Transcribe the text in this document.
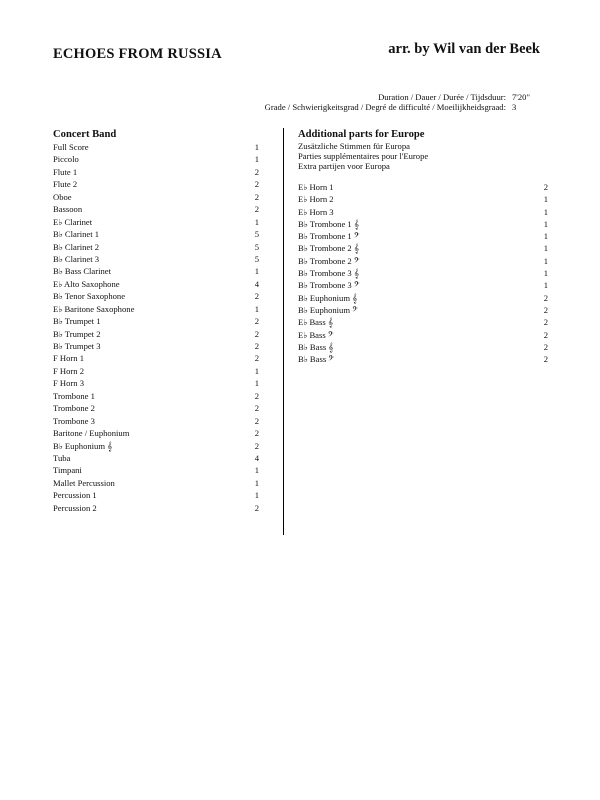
ECHOES FROM RUSSIA	arr. by Wil van der Beek
Duration / Dauer / Durée / Tijdsduur: 7'20"
Grade / Schwierigkeitsgrad / Degré de difficulté / Moeilijkheidsgraad: 3
Concert Band
Full Score	1
Piccolo	1
Flute 1	2
Flute 2	2
Oboe	2
Bassoon	2
E♭ Clarinet	1
B♭ Clarinet 1	5
B♭ Clarinet 2	5
B♭ Clarinet 3	5
B♭ Bass Clarinet	1
E♭ Alto Saxophone	4
B♭ Tenor Saxophone	2
E♭ Baritone Saxophone	1
B♭ Trumpet 1	2
B♭ Trumpet 2	2
B♭ Trumpet 3	2
F Horn 1	2
F Horn 2	1
F Horn 3	1
Trombone 1	2
Trombone 2	2
Trombone 3	2
Baritone / Euphonium	2
B♭ Euphonium 𝄞	2
Tuba	4
Timpani	1
Mallet Percussion	1
Percussion 1	1
Percussion 2	2
Additional parts for Europe
Zusätzliche Stimmen für Europa
Parties supplémentaires pour l'Europe
Extra partijen voor Europa
E♭ Horn 1	2
E♭ Horn 2	1
E♭ Horn 3	1
B♭ Trombone 1 𝄞	1
B♭ Trombone 1 𝄢	1
B♭ Trombone 2 𝄞	1
B♭ Trombone 2 𝄢	1
B♭ Trombone 3 𝄞	1
B♭ Trombone 3 𝄢	1
B♭ Euphonium 𝄞	2
B♭ Euphonium 𝄢	2
E♭ Bass 𝄞	2
E♭ Bass 𝄢	2
B♭ Bass 𝄞	2
B♭ Bass 𝄢	2
